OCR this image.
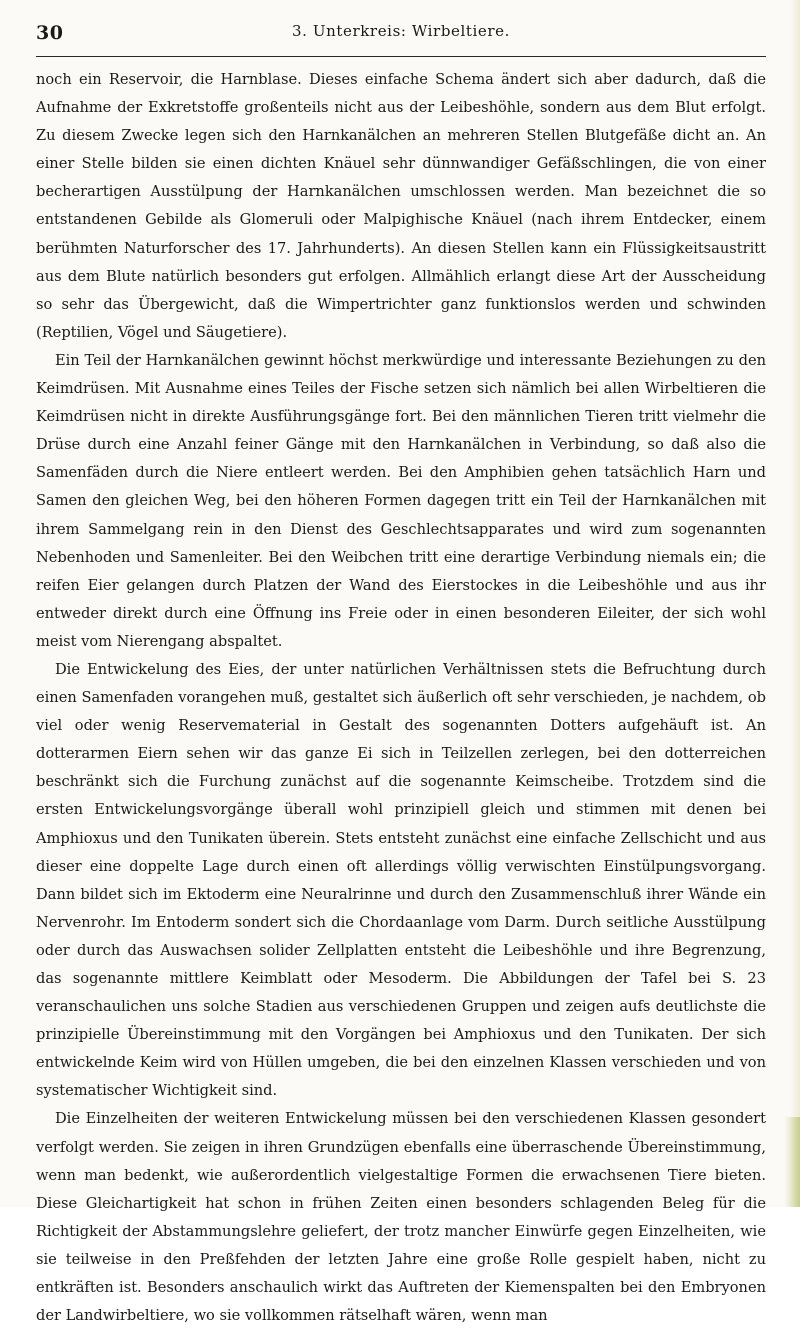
30	3. Unterkreis: Wirbeltiere.

noch ein Reservoir, die Harnblase. Dieses einfache Schema ändert sich aber dadurch, daß die Aufnahme der Exkretstoffe großenteils nicht aus der Leibeshöhle, sondern aus dem Blut erfolgt. Zu diesem Zwecke legen sich den Harnkanälchen an mehreren Stellen Blutgefäße dicht an. An einer Stelle bilden sie einen dichten Knäuel sehr dünnwandiger Gefäßschlingen, die von einer becherartigen Ausstülpung der Harnkanälchen umschlossen werden. Man bezeichnet die so entstandenen Gebilde als Glomeruli oder Malpighische Knäuel (nach ihrem Entdecker, einem berühmten Naturforscher des 17. Jahrhunderts). An diesen Stellen kann ein Flüssigkeitsaustritt aus dem Blute natürlich besonders gut erfolgen. Allmählich erlangt diese Art der Ausscheidung so sehr das Übergewicht, daß die Wimpertrichter ganz funktionslos werden und schwinden (Reptilien, Vögel und Säugetiere).

Ein Teil der Harnkanälchen gewinnt höchst merkwürdige und interessante Beziehungen zu den Keimdrüsen. Mit Ausnahme eines Teiles der Fische setzen sich nämlich bei allen Wirbeltieren die Keimdrüsen nicht in direkte Ausführungsgänge fort. Bei den männlichen Tieren tritt vielmehr die Drüse durch eine Anzahl feiner Gänge mit den Harnkanälchen in Verbindung, so daß also die Samenfäden durch die Niere entleert werden. Bei den Amphibien gehen tatsächlich Harn und Samen den gleichen Weg, bei den höheren Formen dagegen tritt ein Teil der Harnkanälchen mit ihrem Sammelgang rein in den Dienst des Geschlechtsapparates und wird zum sogenannten Nebenhoden und Samenleiter. Bei den Weibchen tritt eine derartige Verbindung niemals ein; die reifen Eier gelangen durch Platzen der Wand des Eierstockes in die Leibeshöhle und aus ihr entweder direkt durch eine Öffnung ins Freie oder in einen besonderen Eileiter, der sich wohl meist vom Nierengang abspaltet.

Die Entwickelung des Eies, der unter natürlichen Verhältnissen stets die Befruchtung durch einen Samenfaden vorangehen muß, gestaltet sich äußerlich oft sehr verschieden, je nachdem, ob viel oder wenig Reservematerial in Gestalt des sogenannten Dotters aufgehäuft ist. An dotterarmen Eiern sehen wir das ganze Ei sich in Teilzellen zerlegen, bei den dotterreichen beschränkt sich die Furchung zunächst auf die sogenannte Keimscheibe. Trotzdem sind die ersten Entwickelungsvorgänge überall wohl prinzipiell gleich und stimmen mit denen bei Amphioxus und den Tunikaten überein. Stets entsteht zunächst eine einfache Zellschicht und aus dieser eine doppelte Lage durch einen oft allerdings völlig verwischten Einstülpungsvorgang. Dann bildet sich im Ektoderm eine Neuralrinne und durch den Zusammenschluß ihrer Wände ein Nervenrohr. Im Entoderm sondert sich die Chordaanlage vom Darm. Durch seitliche Ausstülpung oder durch das Auswachsen solider Zellplatten entsteht die Leibeshöhle und ihre Begrenzung, das sogenannte mittlere Keimblatt oder Mesoderm. Die Abbildungen der Tafel bei S. 23 veranschaulichen uns solche Stadien aus verschiedenen Gruppen und zeigen aufs deutlichste die prinzipielle Übereinstimmung mit den Vorgängen bei Amphioxus und den Tunikaten. Der sich entwickelnde Keim wird von Hüllen umgeben, die bei den einzelnen Klassen verschieden und von systematischer Wichtigkeit sind.

Die Einzelheiten der weiteren Entwickelung müssen bei den verschiedenen Klassen gesondert verfolgt werden. Sie zeigen in ihren Grundzügen ebenfalls eine überraschende Übereinstimmung, wenn man bedenkt, wie außerordentlich vielgestaltige Formen die erwachsenen Tiere bieten. Diese Gleichartigkeit hat schon in frühen Zeiten einen besonders schlagenden Beleg für die Richtigkeit der Abstammungslehre geliefert, der trotz mancher Einwürfe gegen Einzelheiten, wie sie teilweise in den Preßfehden der letzten Jahre eine große Rolle gespielt haben, nicht zu entkräften ist. Besonders anschaulich wirkt das Auftreten der Kiemenspalten bei den Embryonen der Landwirbeltiere, wo sie vollkommen rätselhaft wären, wenn man
